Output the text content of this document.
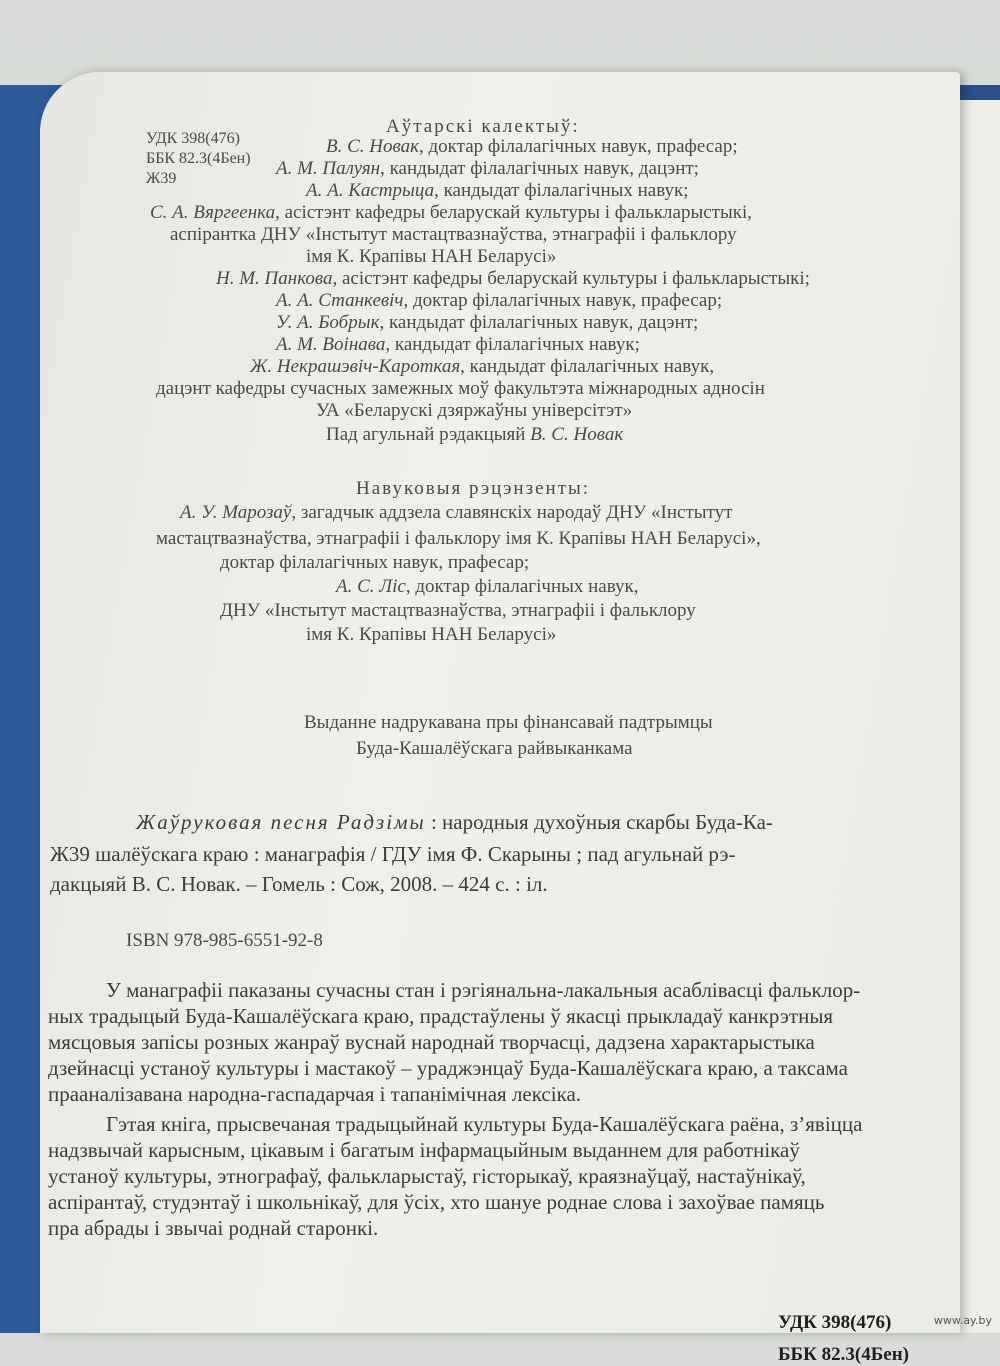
УДК 398(476)
ББК 82.3(4Бен)
Ж39
Аўтарскі калектыў:
В. С. Новак, доктар філалагічных навук, прафесар;
А. М. Палуян, кандыдат філалагічных навук, дацэнт;
А. А. Кастрыца, кандыдат філалагічных навук;
С. А. Вяргеенка, асістэнт кафедры беларускай культуры і фалькларыстыкі,
аспірантка ДНУ «Інстытут мастацтвазнаўства, этнаграфіі і фальклору
імя К. Крапівы НАН Беларусі»
Н. М. Панкова, асістэнт кафедры беларускай культуры і фалькларыстыкі;
А. А. Станкевіч, доктар філалагічных навук, прафесар;
У. А. Бобрык, кандыдат філалагічных навук, дацэнт;
А. М. Воінава, кандыдат філалагічных навук;
Ж. Некрашэвіч-Кароткая, кандыдат філалагічных навук,
дацэнт кафедры сучасных замежных моў факультэта міжнародных адносін
УА «Беларускі дзяржаўны універсітэт»
Пад агульнай рэдакцыяй В. С. Новак
Навуковыя рэцэнзенты:
А. У. Марозаў, загадчык аддзела славянскіх народаў ДНУ «Інстытут
мастацтвазнаўства, этнаграфіі і фальклору імя К. Крапівы НАН Беларусі»,
доктар філалагічных навук, прафесар;
А. С. Ліс, доктар філалагічных навук,
ДНУ «Інстытут мастацтвазнаўства, этнаграфіі і фальклору
імя К. Крапівы НАН Беларусі»
Выданне надрукавана пры фінансавай падтрымцы
Буда-Кашалёўскага райвыканкама
Жаўруковая песня Радзімы : народныя духоўныя скарбы Буда-Ка-
Ж39 шалёўскага краю : манаграфія / ГДУ імя Ф. Скарыны ; пад агульнай рэ-
дакцыяй В. С. Новак. – Гомель : Сож, 2008. – 424 с. : іл.
ISBN 978-985-6551-92-8
У манаграфіі паказаны сучасны стан і рэгіянальна-лакальныя асаблівасці фальклор-
ных традыцый Буда-Кашалёўскага краю, прадстаўлены ў якасці прыкладаў канкрэтныя
мясцовыя запісы розных жанраў вуснай народнай творчасці, дадзена характарыстыка
дзейнасці устаноў культуры і мастакоў – ураджэнцаў Буда-Кашалёўскага краю, а таксама
прааналізавана народна-гаспадарчая і тапанімічная лексіка.
Гэтая кніга, прысвечаная традыцыйнай культуры Буда-Кашалёўскага раёна, з’явіцца
надзвычай карысным, цікавым і багатым інфармацыйным выданнем для работнікаў
устаноў культуры, этнографаў, фалькларыстаў, гісторыкаў, краязнаўцаў, настаўнікаў,
аспірантаў, студэнтаў і школьнікаў, для ўсіх, хто шануе роднае слова і захоўвае памяць
пра абрады і звычаі роднай старонкі.
УДК 398(476)
ББК 82.3(4Бен)
www.ay.by
